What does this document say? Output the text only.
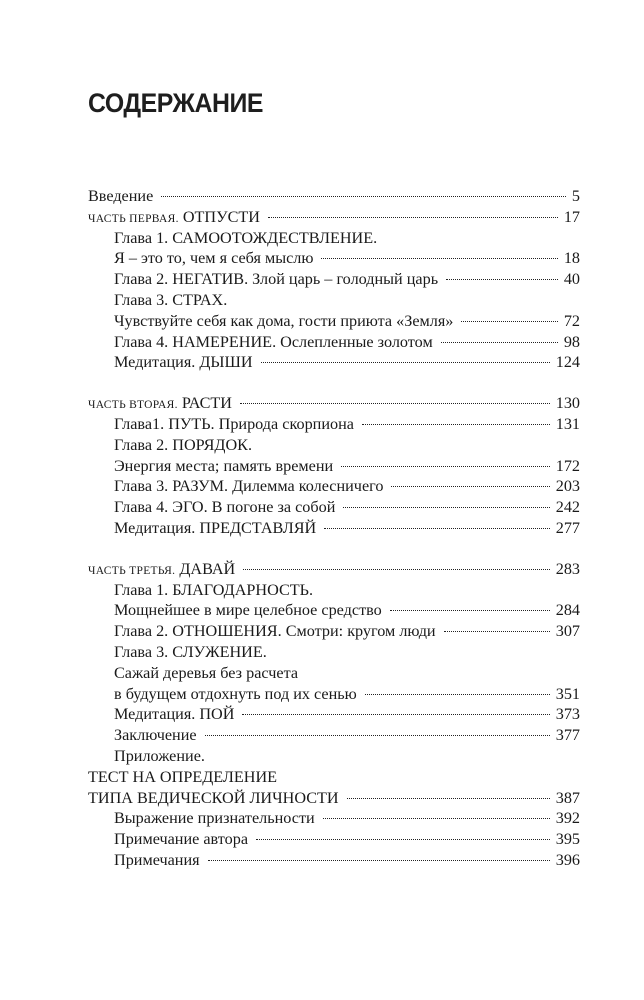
СОДЕРЖАНИЕ
Введение	5
ЧАСТЬ ПЕРВАЯ. ОТПУСТИ	17
Глава 1. САМООТОЖДЕСТВЛЕНИЕ.
Я – это то, чем я себя мыслю	18
Глава 2. НЕГАТИВ. Злой царь – голодный царь	40
Глава 3. СТРАХ.
Чувствуйте себя как дома, гости приюта «Земля»	72
Глава 4. НАМЕРЕНИЕ. Ослепленные золотом	98
Медитация. ДЫШИ	124
ЧАСТЬ ВТОРАЯ. РАСТИ	130
Глава1. ПУТЬ. Природа скорпиона	131
Глава 2. ПОРЯДОК.
Энергия места; память времени	172
Глава 3. РАЗУМ. Дилемма колесничего	203
Глава 4. ЭГО. В погоне за собой	242
Медитация. ПРЕДСТАВЛЯЙ	277
ЧАСТЬ ТРЕТЬЯ. ДАВАЙ	283
Глава 1. БЛАГОДАРНОСТЬ.
Мощнейшее в мире целебное средство	284
Глава 2. ОТНОШЕНИЯ. Смотри: кругом люди	307
Глава 3. СЛУЖЕНИЕ.
Сажай деревья без расчета
в будущем отдохнуть под их сенью	351
Медитация. ПОЙ	373
Заключение	377
Приложение.
ТЕСТ НА ОПРЕДЕЛЕНИЕ
ТИПА ВЕДИЧЕСКОЙ ЛИЧНОСТИ	387
Выражение признательности	392
Примечание автора	395
Примечания	396
